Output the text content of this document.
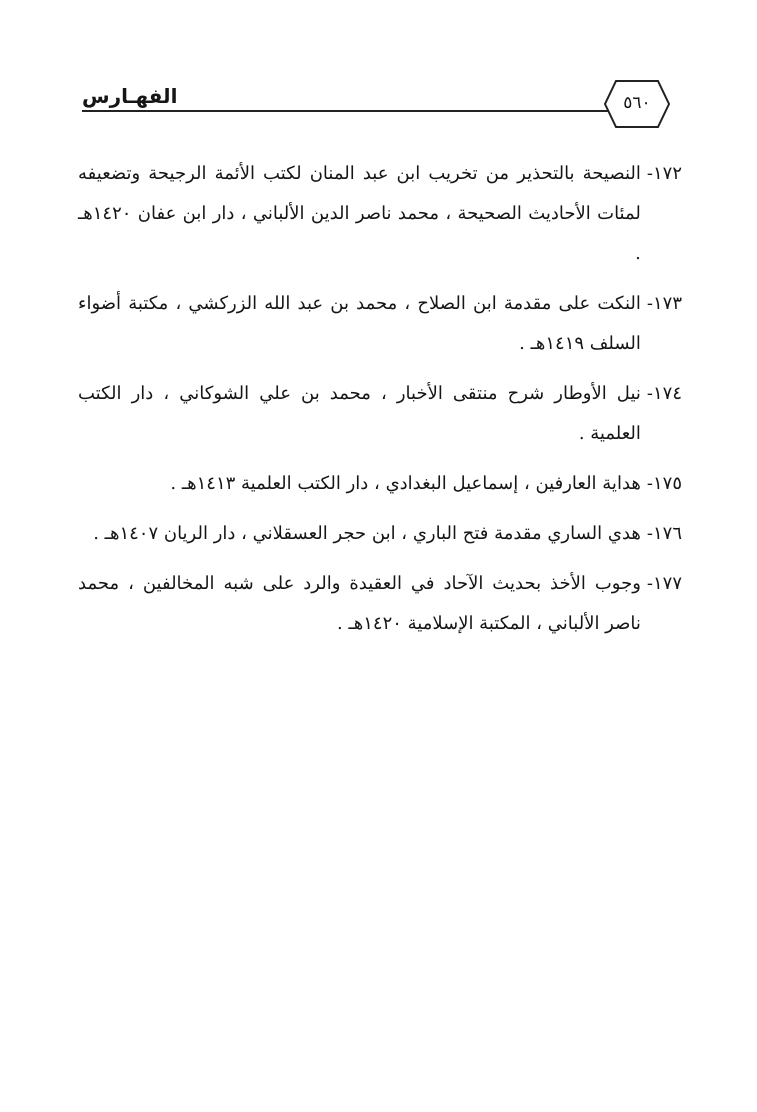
الفهـارس	٥٦٠
١٧٢-
النصيحة بالتحذير من تخريب ابن عبد المنان لكتب الأئمة الرجيحة وتضعيفه لمئات الأحاديث الصحيحة ، محمد ناصر الدين الألباني ، دار ابن عفان ١٤٢٠هـ .
١٧٣-
النكت على مقدمة ابن الصلاح ، محمد بن عبد الله الزركشي ، مكتبة أضواء السلف ١٤١٩هـ .
١٧٤-
نيل الأوطار شرح منتقى الأخبار ، محمد بن علي الشوكاني ، دار الكتب العلمية .
١٧٥-
هداية العارفين ، إسماعيل البغدادي ، دار الكتب العلمية ١٤١٣هـ .
١٧٦-
هدي الساري مقدمة فتح الباري ، ابن حجر العسقلاني ، دار الريان ١٤٠٧هـ .
١٧٧-
وجوب الأخذ بحديث الآحاد في العقيدة والرد على شبه المخالفين ، محمد ناصر الألباني ، المكتبة الإسلامية ١٤٢٠هـ .
